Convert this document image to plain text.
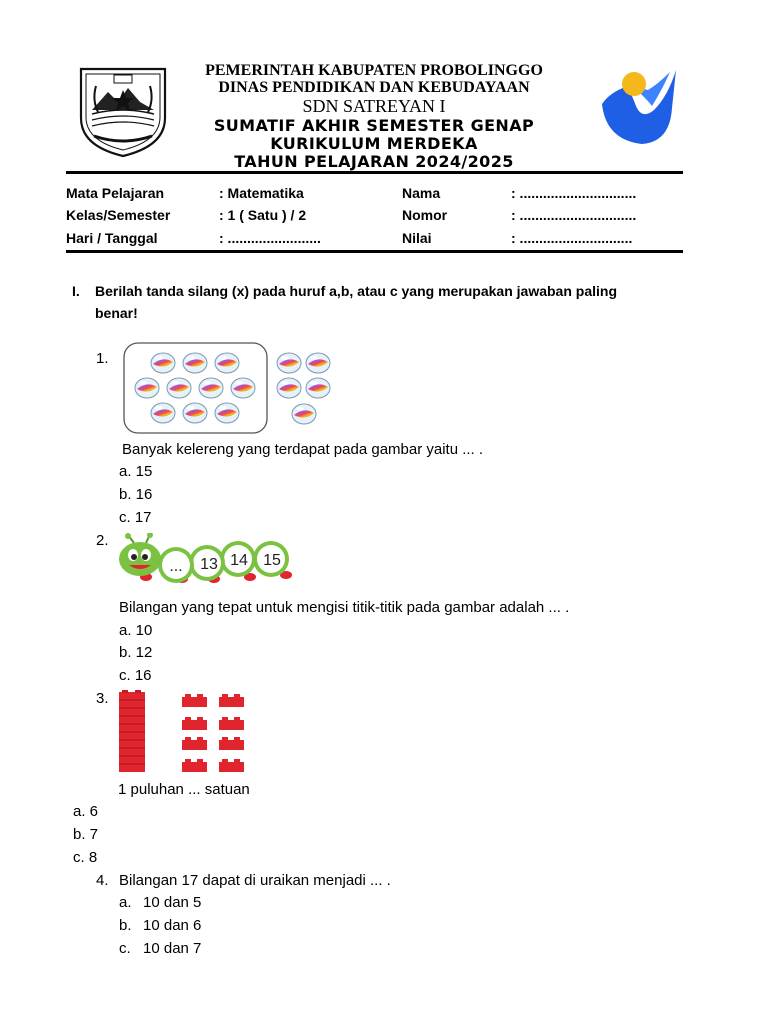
PEMERINTAH KABUPATEN PROBOLINGGO
DINAS PENDIDIKAN DAN KEBUDAYAAN
SDN SATREYAN I
SUMATIF AKHIR SEMESTER GENAP
KURIKULUM MERDEKA
TAHUN PELAJARAN 2024/2025
Mata Pelajaran	: Matematika	Nama	: ..............................
Kelas/Semester	: 1 ( Satu ) / 2	Nomor	: ..............................
Hari / Tanggal	: ........................	Nilai	: .............................
I. Berilah tanda silang (x) pada huruf a,b, atau c yang merupakan jawaban paling
benar!
1.
Banyak kelereng yang terdapat pada gambar yaitu ... .
a. 15
b. 16
c. 17
2.
... 13 14 15
Bilangan yang tepat untuk mengisi titik-titik pada gambar adalah ... .
a. 10
b. 12
c. 16
3.
1 puluhan ... satuan
a. 6
b. 7
c. 8
4. Bilangan 17 dapat di uraikan menjadi ... .
a. 10 dan 5
b. 10 dan 6
c. 10 dan 7
